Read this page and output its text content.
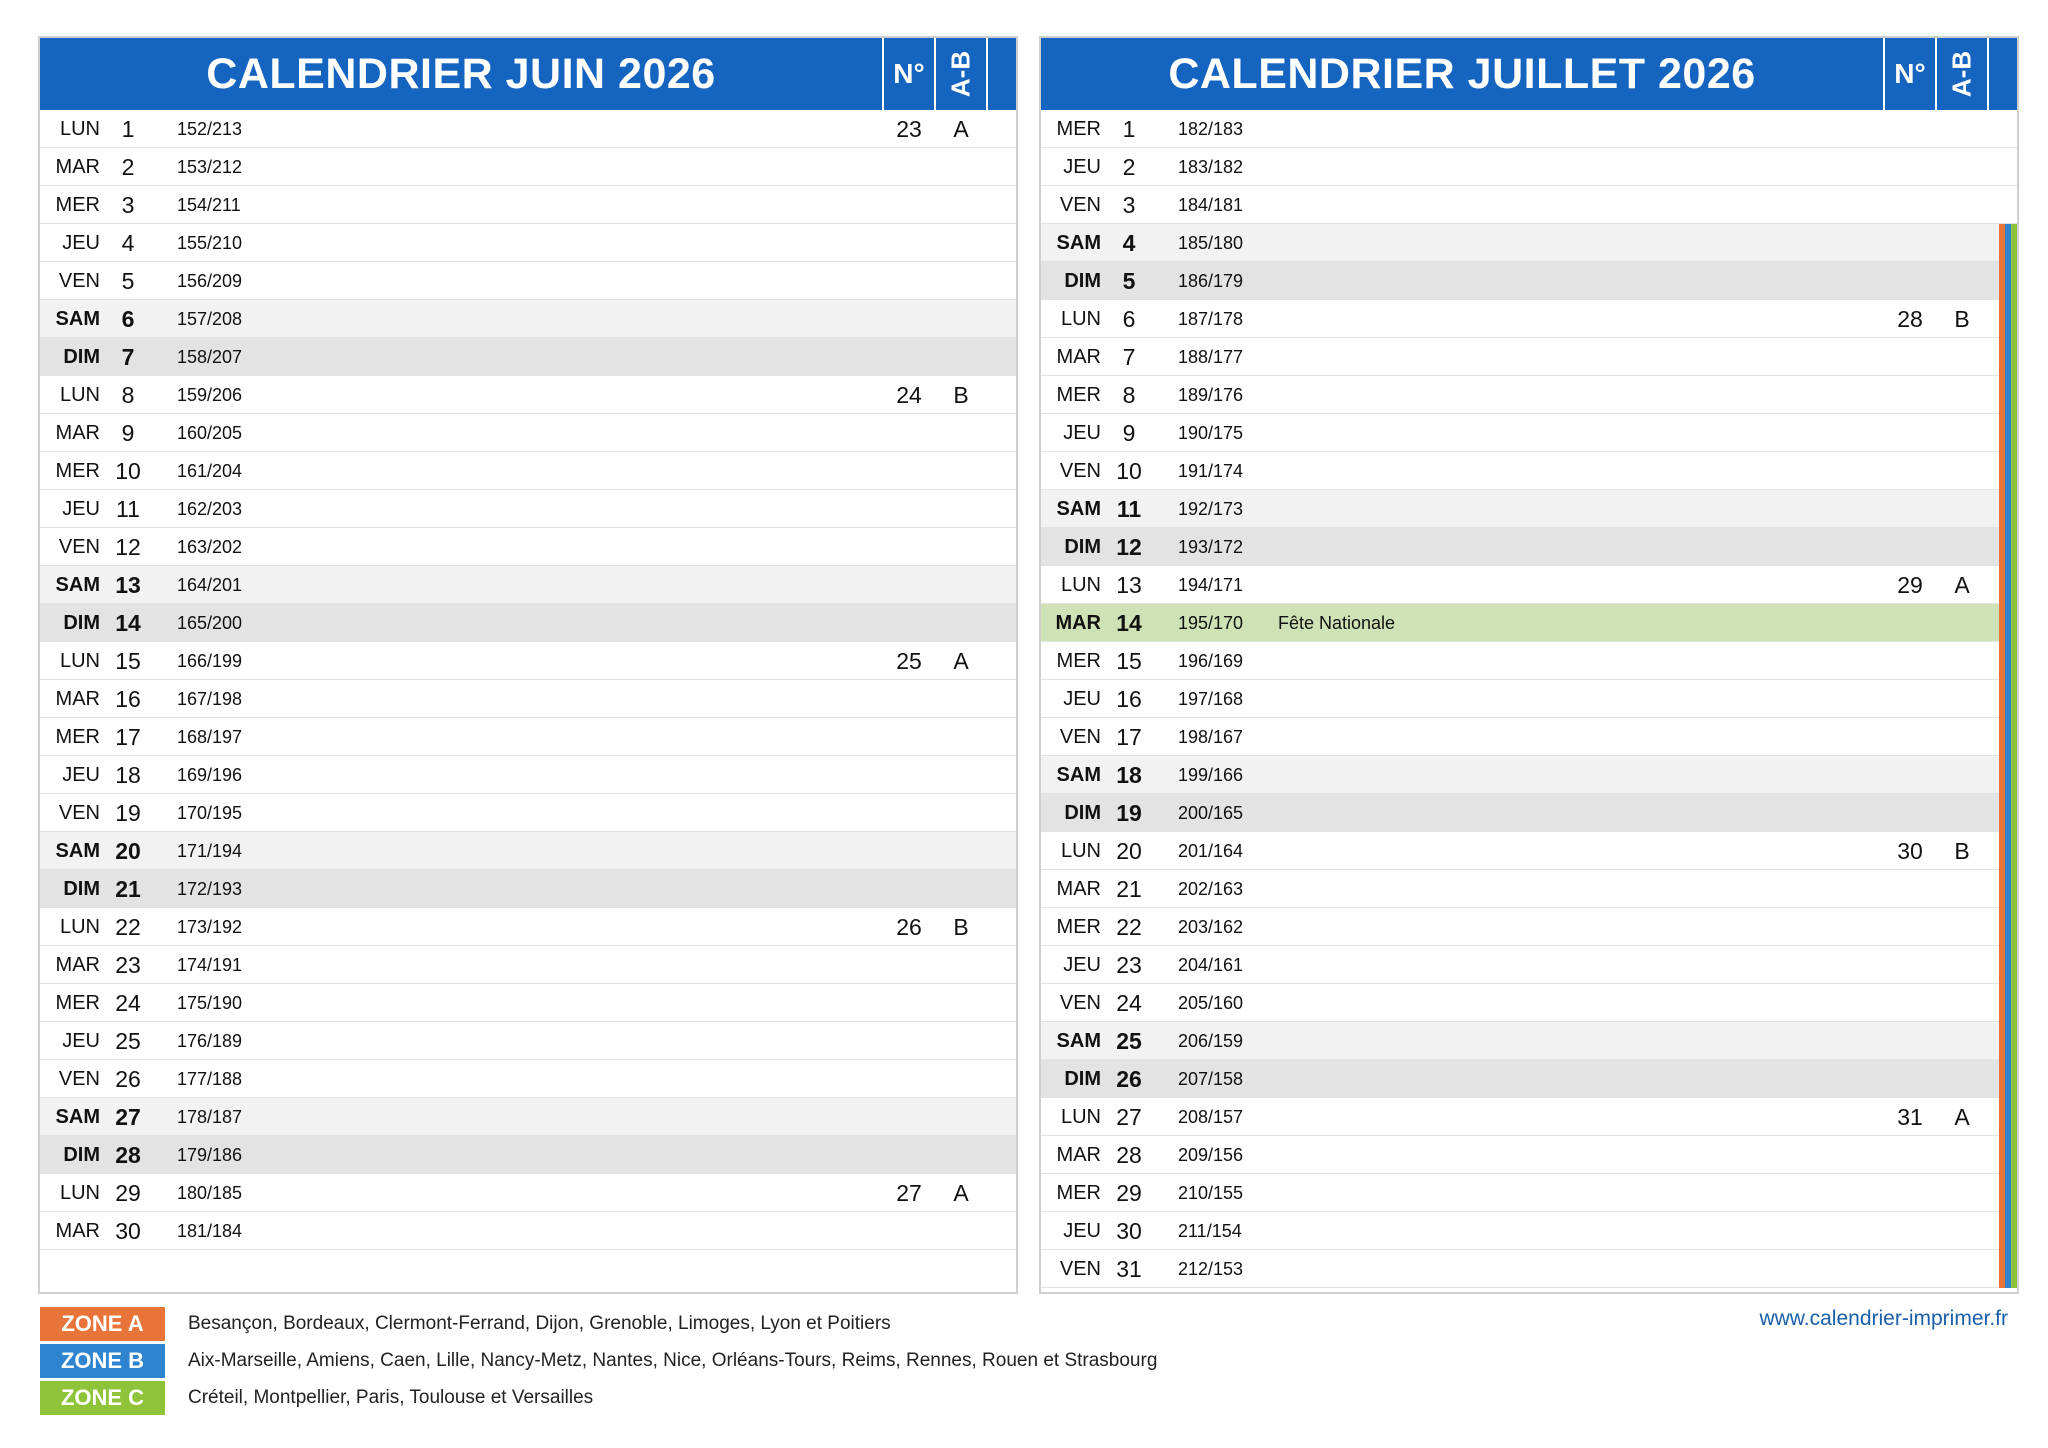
CALENDRIER JUIN 2026	N° A-B
LUN 1	152/213	23	A
MAR 2	153/212
MER 3	154/211
JEU 4	155/210
VEN 5	156/209
SAM 6	157/208
DIM 7	158/207
LUN 8	159/206	24	B
MAR 9	160/205
MER 10	161/204
JEU 11	162/203
VEN 12	163/202
SAM 13	164/201
DIM 14	165/200
LUN 15	166/199	25	A
MAR 16	167/198
MER 17	168/197
JEU 18	169/196
VEN 19	170/195
SAM 20	171/194
DIM 21	172/193
LUN 22	173/192	26	B
MAR 23	174/191
MER 24	175/190
JEU 25	176/189
VEN 26	177/188
SAM 27	178/187
DIM 28	179/186
LUN 29	180/185	27	A
MAR 30	181/184
CALENDRIER JUILLET 2026	N° A-B
MER 1	182/183
JEU 2	183/182
VEN 3	184/181
SAM 4	185/180
DIM 5	186/179
LUN 6	187/178	28	B
MAR 7	188/177
MER 8	189/176
JEU 9	190/175
VEN 10	191/174
SAM 11	192/173
DIM 12	193/172
LUN 13	194/171	29	A
MAR 14	195/170 Fête Nationale
MER 15	196/169
JEU 16	197/168
VEN 17	198/167
SAM 18	199/166
DIM 19	200/165
LUN 20	201/164	30	B
MAR 21	202/163
MER 22	203/162
JEU 23	204/161
VEN 24	205/160
SAM 25	206/159
DIM 26	207/158
LUN 27	208/157	31	A
MAR 28	209/156
MER 29	210/155
JEU 30	211/154
VEN 31	212/153
ZONE A	Besançon, Bordeaux, Clermont-Ferrand, Dijon, Grenoble, Limoges, Lyon et Poitiers
ZONE B	Aix-Marseille, Amiens, Caen, Lille, Nancy-Metz, Nantes, Nice, Orléans-Tours, Reims, Rennes, Rouen et Strasbourg
ZONE C	Créteil, Montpellier, Paris, Toulouse et Versailles
www.calendrier-imprimer.fr
